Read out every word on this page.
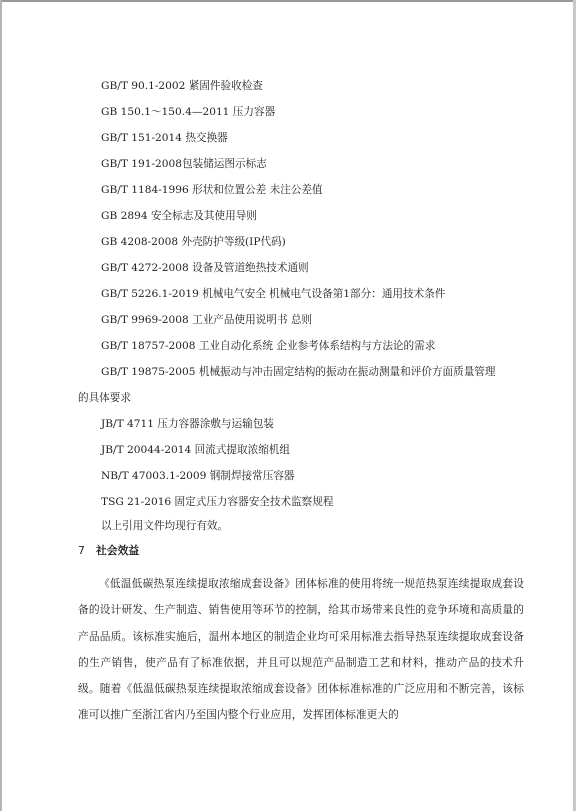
GB/T 90.1-2002 紧固件验收检查
GB 150.1～150.4—2011 压力容器
GB/T 151-2014 热交换器
GB/T 191-2008包装储运图示标志
GB/T 1184-1996 形状和位置公差 未注公差值
GB 2894 安全标志及其使用导则
GB 4208-2008 外壳防护等级(IP代码)
GB/T 4272-2008 设备及管道绝热技术通则
GB/T 5226.1-2019 机械电气安全 机械电气设备第1部分：通用技术条件
GB/T 9969-2008 工业产品使用说明书 总则
GB/T 18757-2008 工业自动化系统 企业参考体系结构与方法论的需求
GB/T 19875-2005 机械振动与冲击固定结构的振动在振动测量和评价方面质量管理
的具体要求
JB/T 4711 压力容器涂敷与运输包装
JB/T 20044-2014 回流式提取浓缩机组
NB/T 47003.1-2009 钢制焊接常压容器
TSG 21-2016 固定式压力容器安全技术监察规程
以上引用文件均现行有效。
7 社会效益
《低温低碳热泵连续提取浓缩成套设备》团体标准的使用将统一规范热泵连续提取成套设备的设计研发、生产制造、销售使用等环节的控制，给其市场带来良性的竞争环境和高质量的产品品质。该标准实施后，温州本地区的制造企业均可采用标准去指导热泵连续提取成套设备的生产销售，使产品有了标准依据，并且可以规范产品制造工艺和材料，推动产品的技术升级。随着《低温低碳热泵连续提取浓缩成套设备》团体标准标准的广泛应用和不断完善，该标准可以推广至浙江省内乃至国内整个行业应用，发挥团体标准更大的
